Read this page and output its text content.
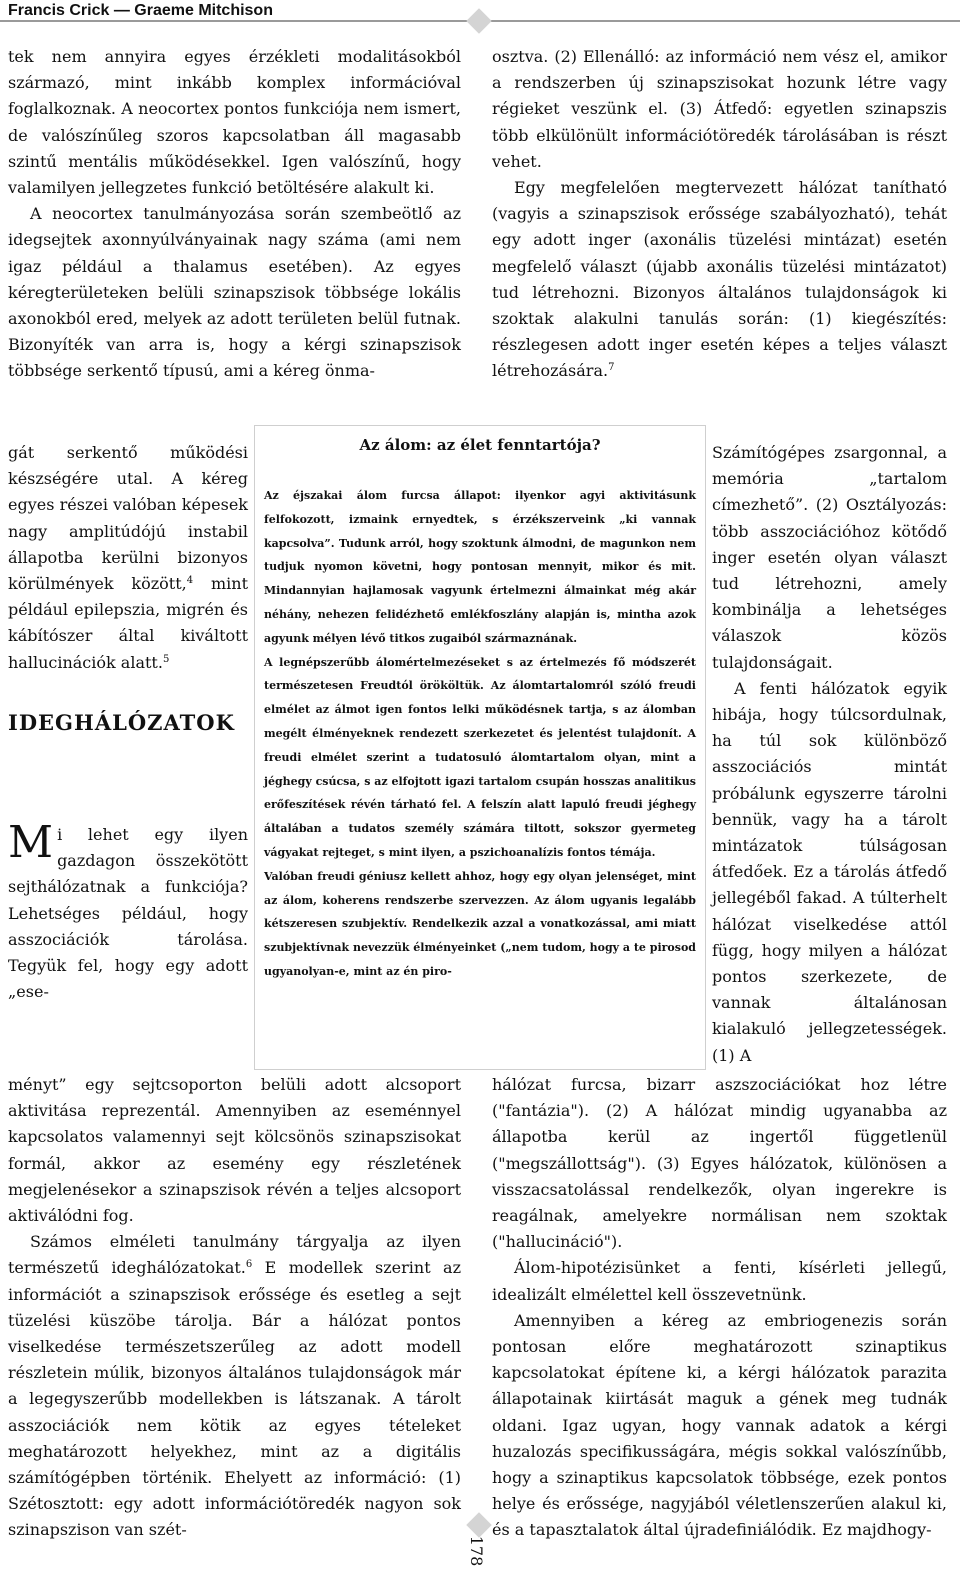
Francis Crick — Graeme Mitchison

tek nem annyira egyes érzékleti modalitásokból származó, mint inkább komplex információval foglalkoznak. A neocortex pontos funkciója nem ismert, de valószínűleg szoros kapcsolatban áll magasabb szintű mentális működésekkel. Igen valószínű, hogy valamilyen jellegzetes funkció betöltésére alakult ki.

A neocortex tanulmányozása során szembeötlő az idegsejtek axonnyúlványainak nagy száma (ami nem igaz például a thalamus esetében). Az egyes kéregterületeken belüli szinapszisok többsége lokális axonokból ered, melyek az adott területen belül futnak. Bizonyíték van arra is, hogy a kérgi szinapszisok többsége serkentő típusú, ami a kéreg önma-

gát serkentő működési készségére utal. A kéreg egyes részei valóban képesek nagy amplitúdójú instabil állapotba kerülni bizonyos körülmények között,$^4$ mint például epilepszia, migrén és kábítószer által kiváltott hallucinációk alatt.$^5$

IDEGHÁLÓZATOK
Mi lehet egy ilyen gazdagon összekötött sejthálózatnak a funkciója? Lehetséges például, hogy asszociációk tárolása. Tegyük fel, hogy egy adott „ese-

ményt” egy sejtcsoporton belüli adott alcsoport aktivitása reprezentál. Amennyiben az eseménnyel kapcsolatos valamennyi sejt kölcsönös szinapszisokat formál, akkor az esemény egy részletének megjelenésekor a szinapszisok révén a teljes alcsoport aktiválódni fog.

Számos elméleti tanulmány tárgyalja az ilyen természetű ideghálózatokat.$^6$ E modellek szerint az információt a szinapszisok erőssége és esetleg a sejt tüzelési küszöbe tárolja. Bár a hálózat pontos viselkedése természetszerűleg az adott modell részletein múlik, bizonyos általános tulajdonságok már a legegyszerűbb modellekben is látszanak. A tárolt asszociációk nem kötik az egyes tételeket meghatározott helyekhez, mint az a digitális számítógépben történik. Ehelyett az információ: (1) Szétosztott: egy adott információtöredék nagyon sok szinapszison van szét-

osztva. (2) Ellenálló: az információ nem vész el, amikor a rendszerben új szinapszisokat hozunk létre vagy régieket veszünk el. (3) Átfedő: egyetlen szinapszis több elkülönült információtöredék tárolásában is részt vehet.

Egy megfelelően megtervezett hálózat tanítható (vagyis a szinapszisok erőssége szabályozható), tehát egy adott inger (axonális tüzelési mintázat) esetén megfelelő választ (újabb axonális tüzelési mintázatot) tud létrehozni. Bizonyos általános tulajdonságok ki szoktak alakulni tanulás során: (1) kiegészítés: részlegesen adott inger esetén képes a teljes választ létrehozására.$^7$

Számítógépes zsargonnal, a memória „tartalom címezhető”. (2) Osztályozás: több asszociációhoz kötődő inger esetén olyan választ tud létrehozni, amely kombinálja a lehetséges válaszok közös tulajdonságait.

A fenti hálózatok egyik hibája, hogy túlcsordulnak, ha túl sok különböző asszociációs mintát próbálunk egyszerre tárolni bennük, vagy ha a tárolt mintázatok túlságosan átfedőek. Ez a tárolás átfedő jellegéből fakad. A túlterhelt hálózat viselkedése attól függ, hogy milyen a hálózat pontos szerkezete, de vannak általánosan kialakuló jellegzetességek. (1) A

hálózat furcsa, bizarr aszszociációkat hoz létre ("fantázia"). (2) A hálózat mindig ugyanabba az állapotba kerül az ingertől függetlenül ("megszállottság"). (3) Egyes hálózatok, különösen a visszacsatolással rendelkezők, olyan ingerekre is reagálnak, amelyekre normálisan nem szoktak ("hallucináció").

Álom-hipotézisünket a fenti, kísérleti jellegű, idealizált elmélettel kell összevetnünk.

Amennyiben a kéreg az embriogenezis során pontosan előre meghatározott szinaptikus kapcsolatokat építene ki, a kérgi hálózatok parazita állapotainak kiirtását maguk a gének meg tudnák oldani. Igaz ugyan, hogy vannak adatok a kérgi huzalozás specifikusságára, mégis sokkal valószínűbb, hogy a szinaptikus kapcsolatok többsége, ezek pontos helye és erőssége, nagyjából véletlenszerűen alakul ki, és a tapasztalatok által újradefiniálódik. Ez majdhogy-

Az álom: az élet fenntartója?

Az éjszakai álom furcsa állapot: ilyenkor agyi aktivitásunk felfokozott, izmaink ernyedtek, s érzékszerveink „ki vannak kapcsolva”. Tudunk arról, hogy szoktunk álmodni, de magunkon nem tudjuk nyomon követni, hogy pontosan mennyit, mikor és mit. Mindannyian hajlamosak vagyunk értelmezni álmainkat még akár néhány, nehezen felidézhető emlékfoszlány alapján is, mintha azok agyunk mélyen lévő titkos zugaiból származnának.

A legnépszerűbb álomértelmezéseket s az értelmezés fő módszerét természetesen Freudtól örököltük. Az álomtartalomról szóló freudi elmélet az álmot igen fontos lelki működésnek tartja, s az álomban megélt élményeknek rendezett szerkezetet és jelentést tulajdonít. A freudi elmélet szerint a tudatosuló álomtartalom olyan, mint a jéghegy csúcsa, s az elfojtott igazi tartalom csupán hosszas analitikus erőfeszítések révén tárható fel. A felszín alatt lapuló freudi jéghegy általában a tudatos személy számára tiltott, sokszor gyermeteg vágyakat rejteget, s mint ilyen, a pszichoanalízis fontos témája.

Valóban freudi géniusz kellett ahhoz, hogy egy olyan jelenséget, mint az álom, koherens rendszerbe szervezzen. Az álom ugyanis legalább kétszeresen szubjektív. Rendelkezik azzal a vonatkozással, ami miatt szubjektívnak nevezzük élményeinket („nem tudom, hogy a te pirosod ugyanolyan-e, mint az én piro-

178
